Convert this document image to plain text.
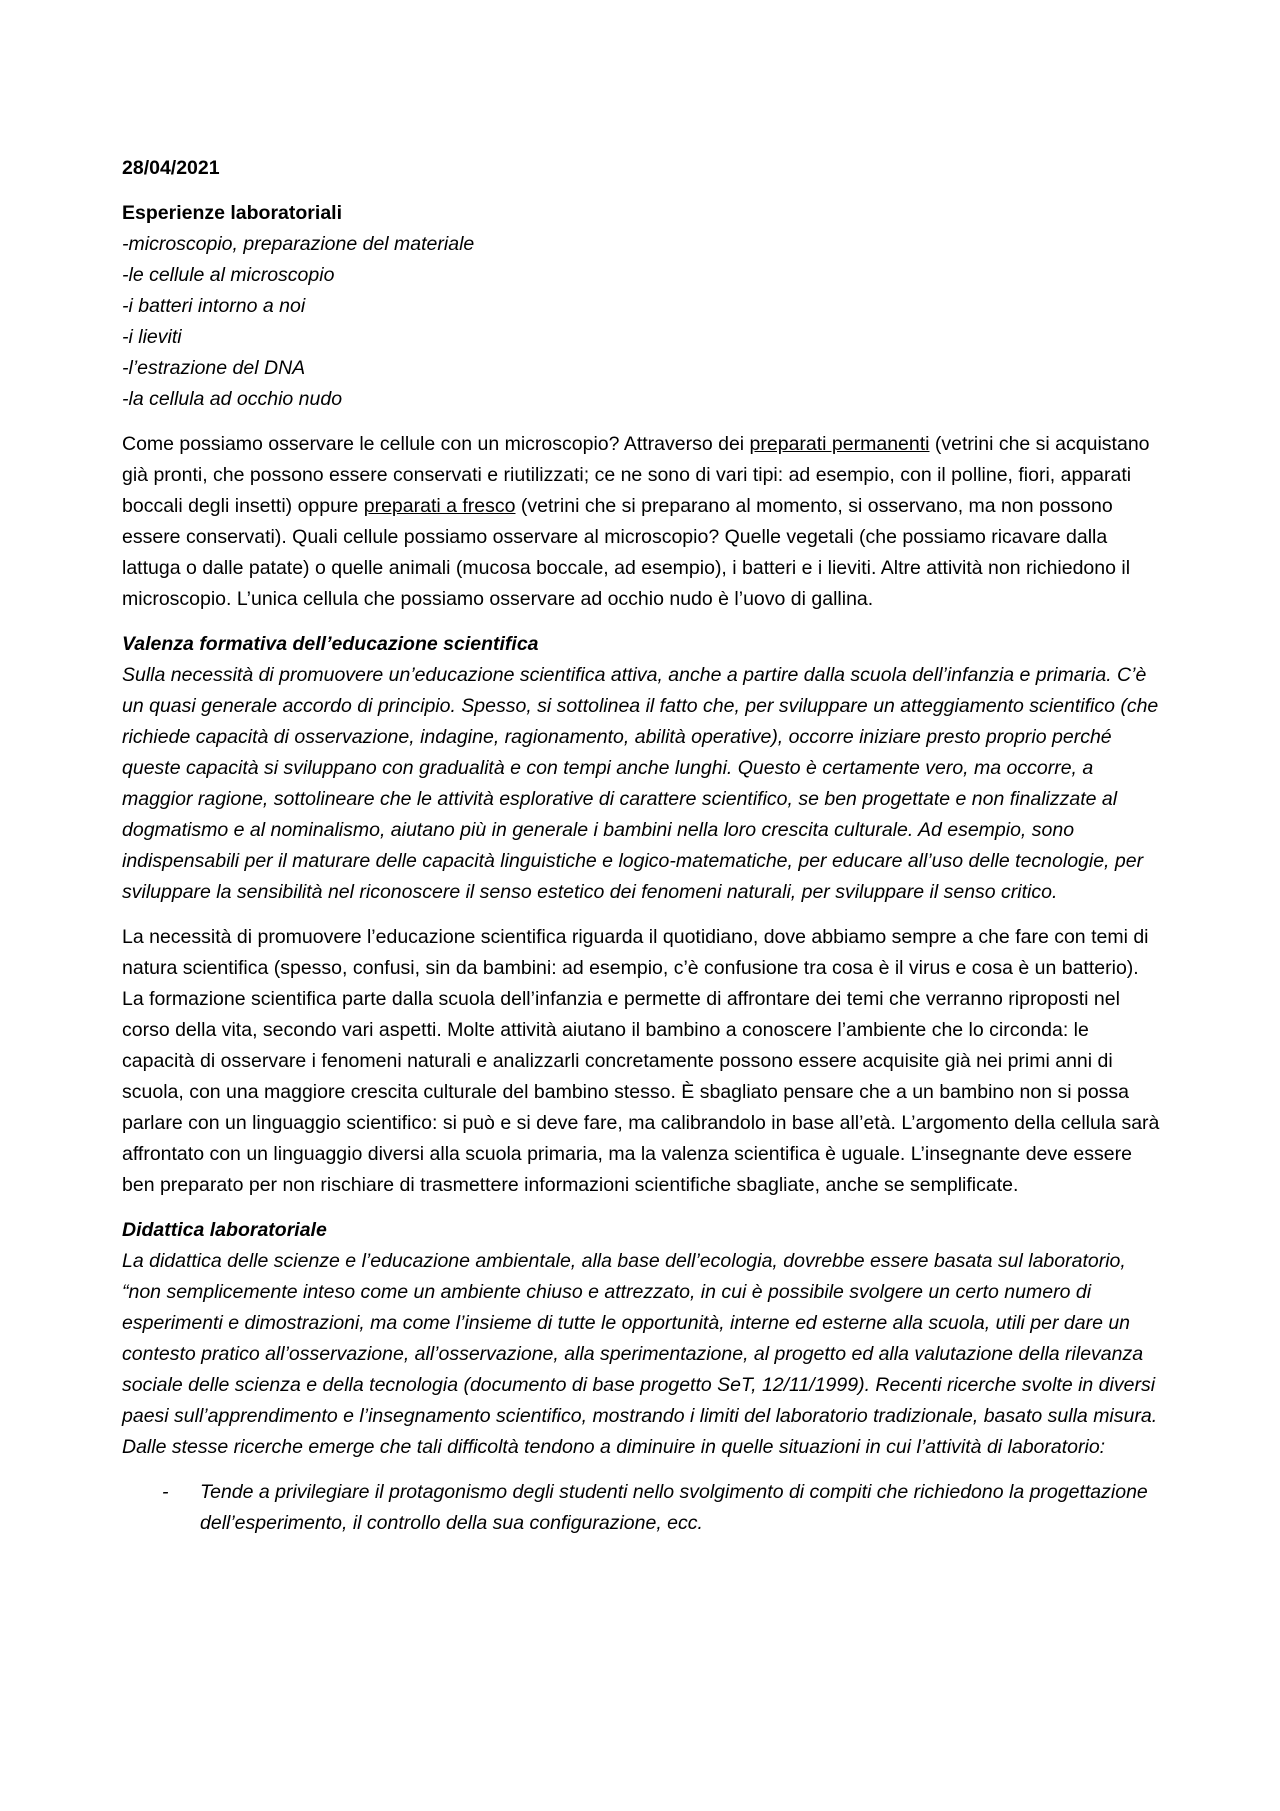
28/04/2021
Esperienze laboratoriali
-microscopio, preparazione del materiale
-le cellule al microscopio
-i batteri intorno a noi
-i lieviti
-l’estrazione del DNA
-la cellula ad occhio nudo

Come possiamo osservare le cellule con un microscopio? Attraverso dei preparati permanenti (vetrini che si acquistano già pronti, che possono essere conservati e riutilizzati; ce ne sono di vari tipi: ad esempio, con il polline, fiori, apparati boccali degli insetti) oppure preparati a fresco (vetrini che si preparano al momento, si osservano, ma non possono essere conservati). Quali cellule possiamo osservare al microscopio? Quelle vegetali (che possiamo ricavare dalla lattuga o dalle patate) o quelle animali (mucosa boccale, ad esempio), i batteri e i lieviti. Altre attività non richiedono il microscopio. L’unica cellula che possiamo osservare ad occhio nudo è l’uovo di gallina.

Valenza formativa dell’educazione scientifica
Sulla necessità di promuovere un’educazione scientifica attiva, anche a partire dalla scuola dell’infanzia e primaria. C’è un quasi generale accordo di principio. Spesso, si sottolinea il fatto che, per sviluppare un atteggiamento scientifico (che richiede capacità di osservazione, indagine, ragionamento, abilità operative), occorre iniziare presto proprio perché queste capacità si sviluppano con gradualità e con tempi anche lunghi. Questo è certamente vero, ma occorre, a maggior ragione, sottolineare che le attività esplorative di carattere scientifico, se ben progettate e non finalizzate al dogmatismo e al nominalismo, aiutano più in generale i bambini nella loro crescita culturale. Ad esempio, sono indispensabili per il maturare delle capacità linguistiche e logico-matematiche, per educare all’uso delle tecnologie, per sviluppare la sensibilità nel riconoscere il senso estetico dei fenomeni naturali, per sviluppare il senso critico.

La necessità di promuovere l’educazione scientifica riguarda il quotidiano, dove abbiamo sempre a che fare con temi di natura scientifica (spesso, confusi, sin da bambini: ad esempio, c’è confusione tra cosa è il virus e cosa è un batterio). La formazione scientifica parte dalla scuola dell’infanzia e permette di affrontare dei temi che verranno riproposti nel corso della vita, secondo vari aspetti. Molte attività aiutano il bambino a conoscere l’ambiente che lo circonda: le capacità di osservare i fenomeni naturali e analizzarli concretamente possono essere acquisite già nei primi anni di scuola, con una maggiore crescita culturale del bambino stesso. È sbagliato pensare che a un bambino non si possa parlare con un linguaggio scientifico: si può e si deve fare, ma calibrandolo in base all’età. L’argomento della cellula sarà affrontato con un linguaggio diversi alla scuola primaria, ma la valenza scientifica è uguale. L’insegnante deve essere ben preparato per non rischiare di trasmettere informazioni scientifiche sbagliate, anche se semplificate.

Didattica laboratoriale
La didattica delle scienze e l’educazione ambientale, alla base dell’ecologia, dovrebbe essere basata sul laboratorio, “non semplicemente inteso come un ambiente chiuso e attrezzato, in cui è possibile svolgere un certo numero di esperimenti e dimostrazioni, ma come l’insieme di tutte le opportunità, interne ed esterne alla scuola, utili per dare un contesto pratico all’osservazione, all’osservazione, alla sperimentazione, al progetto ed alla valutazione della rilevanza sociale delle scienza e della tecnologia (documento di base progetto SeT, 12/11/1999). Recenti ricerche svolte in diversi paesi sull’apprendimento e l’insegnamento scientifico, mostrando i limiti del laboratorio tradizionale, basato sulla misura. Dalle stesse ricerche emerge che tali difficoltà tendono a diminuire in quelle situazioni in cui l’attività di laboratorio:
- Tende a privilegiare il protagonismo degli studenti nello svolgimento di compiti che richiedono la progettazione dell’esperimento, il controllo della sua configurazione, ecc.
